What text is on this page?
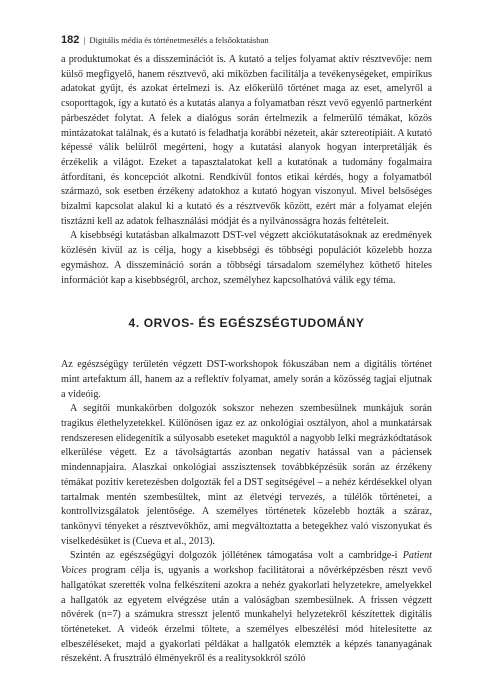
182 | Digitális média és történetmesélés a felsőoktatásban

a produktumokat és a disszeminációt is. A kutató a teljes folyamat aktív résztvevője: nem külső megfigyelő, hanem résztvevő, aki miközben facilitálja a tevékenységeket, empirikus adatokat gyűjt, és azokat értelmezi is. Az előkerülő történet maga az eset, amelyről a csoporttagok, így a kutató és a kutatás alanya a folyamatban részt vevő egyenlő partnerként párbeszédet folytat. A felek a dialógus során értelmezik a felmerülő témákat, közös mintázatokat találnak, és a kutató is feladhatja korábbi nézeteit, akár sztereotípiáit. A kutató képessé válik belülről megérteni, hogy a kutatási alanyok hogyan interpretálják és érzékelik a világot. Ezeket a tapasztalatokat kell a kutatónak a tudomány fogalmaira átfordítani, és koncepciót alkotni. Rendkívül fontos etikai kérdés, hogy a folyamatból származó, sok esetben érzékeny adatokhoz a kutató hogyan viszonyul. Mivel belsőséges bizalmi kapcsolat alakul ki a kutató és a résztvevők között, ezért már a folyamat elején tisztázni kell az adatok felhasználási módját és a nyilvánosságra hozás feltételeit.

A kisebbségi kutatásban alkalmazott DST-vel végzett akciókutatásoknak az eredmények közlésén kívül az is célja, hogy a kisebbségi és többségi populációt közelebb hozza egymáshoz. A disszemináció során a többségi társadalom személyhez köthető hiteles információt kap a kisebbségről, archoz, személyhez kapcsolhatóvá válik egy téma.

4. ORVOS- ÉS EGÉSZSÉGTUDOMÁNY

Az egészségügy területén végzett DST-workshopok fókuszában nem a digitális történet mint artefaktum áll, hanem az a reflektív folyamat, amely során a közösség tagjai eljutnak a videóig.

A segítői munkakörben dolgozók sokszor nehezen szembesülnek munkájuk során tragikus élethelyzetekkel. Különösen igaz ez az onkológiai osztályon, ahol a munkatársak rendszeresen elidegenítik a súlyosabb eseteket maguktól a nagyobb lelki megrázkódtatások elkerülése végett. Ez a távolságtartás azonban negatív hatással van a páciensek mindennapjaira. Alaszkai onkológiai asszisztensek továbbképzésük során az érzékeny témákat pozitív keretezésben dolgozták fel a DST segítségével – a nehéz kérdésekkel olyan tartalmak mentén szembesültek, mint az életvégi tervezés, a túlélők történetei, a kontrollvizsgálatok jelentősége. A személyes történetek közelebb hozták a száraz, tankönyvi tényeket a résztvevőkhöz, ami megváltoztatta a betegekhez való viszonyukat és viselkedésüket is (Cueva et al., 2013).

Szintén az egészségügyi dolgozók jólléténeк támogatása volt a cambridge-i Patient Voices program célja is, ugyanis a workshop facilitátorai a nővérképzésben részt vevő hallgatókat szerették volna felkészíteni azokra a nehéz gyakorlati helyzetekre, amelyekkel a hallgatók az egyetem elvégzése után a valóságban szembesülnek. A frissen végzett nővérek (n=7) a számukra stresszt jelentő munkahelyi helyzetekről készítettek digitális történeteket. A videók érzelmi töltete, a személyes elbeszélési mód hitelesítette az elbeszéléseket, majd a gyakorlati példákat a hallgatók elemzték a képzés tananyagának részeként. A frusztráló élményekről és a realitysokkról szóló
